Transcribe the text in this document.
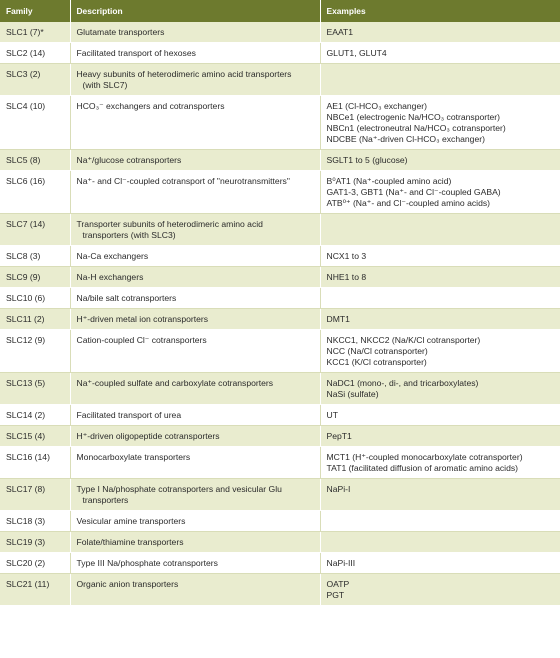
Family	Description	Examples
SLC1 (7)*	Glutamate transporters	EAAT1

SLC2 (14)	Facilitated transport of hexoses	GLUT1, GLUT4

SLC3 (2)	Heavy subunits of heterodimeric amino acid transporters
(with SLC7)	

SLC4 (10)	HCO₃⁻ exchangers and cotransporters	AE1 (Cl-HCO₃ exchanger)
NBCe1 (electrogenic Na/HCO₃ cotransporter)
NBCn1 (electroneutral Na/HCO₃ cotransporter)
NDCBE (Na⁺-driven Cl-HCO₃ exchanger)

SLC5 (8)	Na⁺/glucose cotransporters	SGLT1 to 5 (glucose)

SLC6 (16)	Na⁺- and Cl⁻-coupled cotransport of "neurotransmitters"	B⁰AT1 (Na⁺-coupled amino acid)
GAT1-3, GBT1 (Na⁺- and Cl⁻-coupled GABA)
ATB⁰⁺ (Na⁺- and Cl⁻-coupled amino acids)

SLC7 (14)	Transporter subunits of heterodimeric amino acid
transporters (with SLC3)	

SLC8 (3)	Na-Ca exchangers	NCX1 to 3

SLC9 (9)	Na-H exchangers	NHE1 to 8

SLC10 (6)	Na/bile salt cotransporters	

SLC11 (2)	H⁺-driven metal ion cotransporters	DMT1

SLC12 (9)	Cation-coupled Cl⁻ cotransporters	NKCC1, NKCC2 (Na/K/Cl cotransporter)
NCC (Na/Cl cotransporter)
KCC1 (K/Cl cotransporter)

SLC13 (5)	Na⁺-coupled sulfate and carboxylate cotransporters	NaDC1 (mono-, di-, and tricarboxylates)
NaSi (sulfate)

SLC14 (2)	Facilitated transport of urea	UT

SLC15 (4)	H⁺-driven oligopeptide cotransporters	PepT1

SLC16 (14)	Monocarboxylate transporters	MCT1 (H⁺-coupled monocarboxylate cotransporter)
TAT1 (facilitated diffusion of aromatic amino acids)

SLC17 (8)	Type I Na/phosphate cotransporters and vesicular Glu
transporters	NaPi-I

SLC18 (3)	Vesicular amine transporters	

SLC19 (3)	Folate/thiamine transporters	

SLC20 (2)	Type III Na/phosphate cotransporters	NaPi-III

SLC21 (11)	Organic anion transporters	OATP
PGT
